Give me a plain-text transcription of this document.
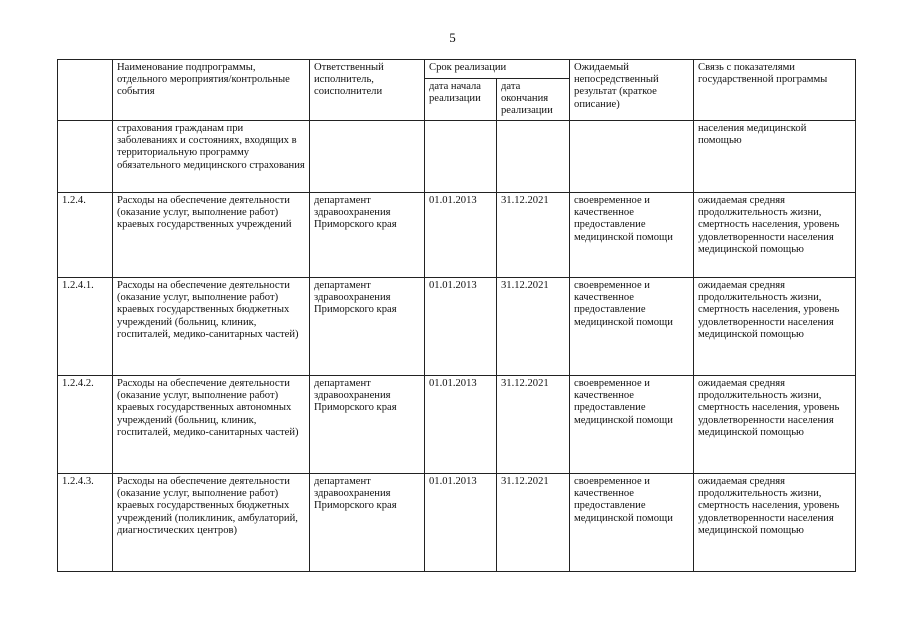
5
	Наименование подпрограммы, отдельного мероприятия/контрольные события	Ответственный исполнитель, соисполнители	Срок реализации		Ожидаемый непосредственный результат (краткое описание)	Связь с показателями государственной программы
			дата начала реализации	дата окончания реализации		
	страхования гражданам при заболеваниях и состояниях, входящих в территориальную программу обязательного медицинского страхования					населения медицинской помощью
1.2.4.	Расходы на обеспечение деятельности (оказание услуг, выполнение работ) краевых государственных учреждений	департамент здравоохранения Приморского края	01.01.2013	31.12.2021	своевременное и качественное предоставление медицинской помощи	ожидаемая средняя продолжительность жизни, смертность населения, уровень удовлетворенности населения медицинской помощью
1.2.4.1.	Расходы на обеспечение деятельности (оказание услуг, выполнение работ) краевых государственных бюджетных учреждений (больниц, клиник, госпиталей, медико-санитарных частей)	департамент здравоохранения Приморского края	01.01.2013	31.12.2021	своевременное и качественное предоставление медицинской помощи	ожидаемая средняя продолжительность жизни, смертность населения, уровень удовлетворенности населения медицинской помощью
1.2.4.2.	Расходы на обеспечение деятельности (оказание услуг, выполнение работ) краевых государственных автономных учреждений (больниц, клиник, госпиталей, медико-санитарных частей)	департамент здравоохранения Приморского края	01.01.2013	31.12.2021	своевременное и качественное предоставление медицинской помощи	ожидаемая средняя продолжительность жизни, смертность населения, уровень удовлетворенности населения медицинской помощью
1.2.4.3.	Расходы на обеспечение деятельности (оказание услуг, выполнение работ) краевых государственных бюджетных учреждений (поликлиник, амбулаторий, диагностических центров)	департамент здравоохранения Приморского края	01.01.2013	31.12.2021	своевременное и качественное предоставление медицинской помощи	ожидаемая средняя продолжительность жизни, смертность населения, уровень удовлетворенности населения медицинской помощью
